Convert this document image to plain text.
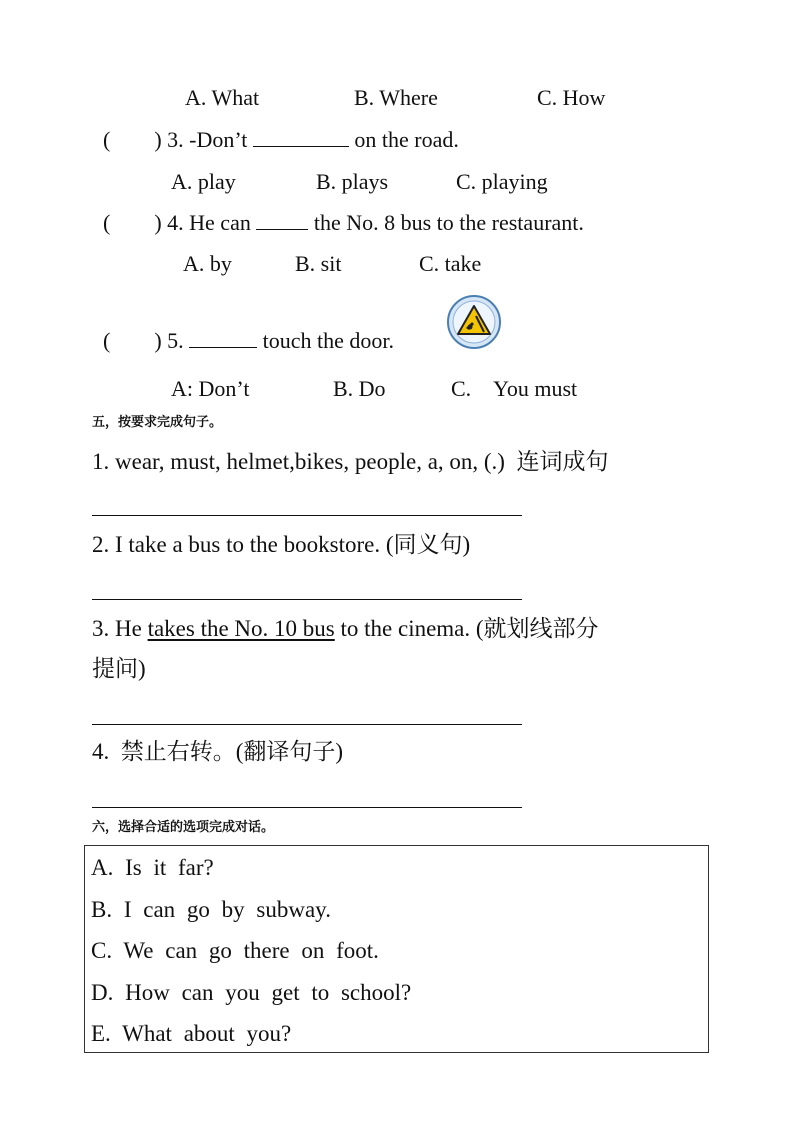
A. What	B. Where	C. How
(　　) 3. -Don’t	on the road.
A. play	B. plays	C. playing
(　　) 4. He can	the No. 8 bus to the restaurant.
A. by	B. sit	C. take
(　　) 5.	touch the door.
A: Don’t	B. Do	C.　You must
五，按要求完成句子。
1. wear, must, helmet,bikes, people, a, on, (.)  连词成句
2. I take a bus to the bookstore. (同义句)
3. He takes the No. 10 bus to the cinema. (就划线部分
提问)
4.  禁止右转。(翻译句子)
六，选择合适的选项完成对话。
A. Is it far?
B. I can go by subway.
C. We can go there on foot.
D. How can you get to school?
E. What about you?
